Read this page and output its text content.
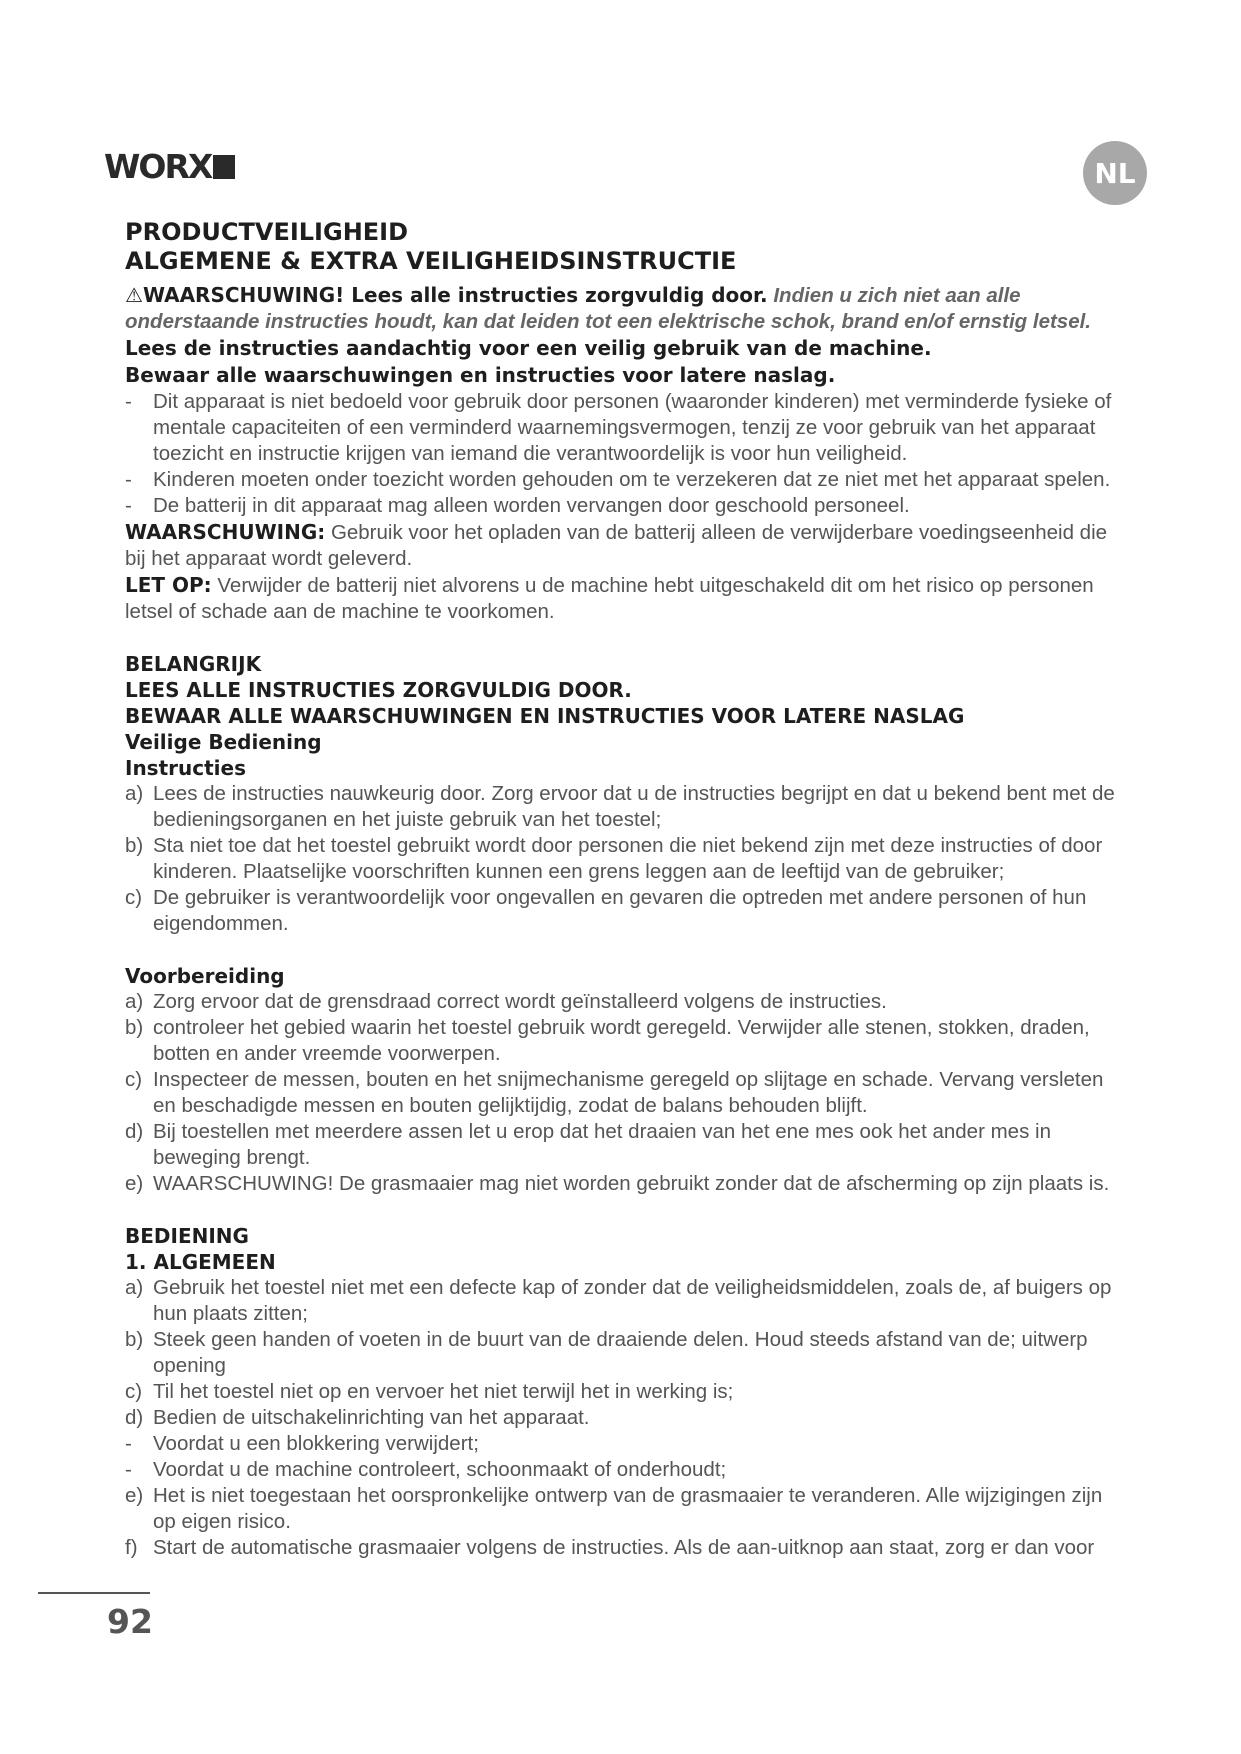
WORX	NL
PRODUCTVEILIGHEID
ALGEMENE & EXTRA VEILIGHEIDSINSTRUCTIE

⚠WAARSCHUWING! Lees alle instructies zorgvuldig door. Indien u zich niet aan alle onderstaande instructies houdt, kan dat leiden tot een elektrische schok, brand en/of ernstig letsel. Lees de instructies aandachtig voor een veilig gebruik van de machine.

Bewaar alle waarschuwingen en instructies voor latere naslag.

- Dit apparaat is niet bedoeld voor gebruik door personen (waaronder kinderen) met verminderde fysieke of mentale capaciteiten of een verminderd waarnemingsvermogen, tenzij ze voor gebruik van het apparaat toezicht en instructie krijgen van iemand die verantwoordelijk is voor hun veiligheid.

- Kinderen moeten onder toezicht worden gehouden om te verzekeren dat ze niet met het apparaat spelen.

- De batterij in dit apparaat mag alleen worden vervangen door geschoold personeel.

WAARSCHUWING: Gebruik voor het opladen van de batterij alleen de verwijderbare voedingseenheid die bij het apparaat wordt geleverd.

LET OP: Verwijder de batterij niet alvorens u de machine hebt uitgeschakeld dit om het risico op personen letsel of schade aan de machine te voorkomen.

BELANGRIJK
LEES ALLE INSTRUCTIES ZORGVULDIG DOOR.
BEWAAR ALLE WAARSCHUWINGEN EN INSTRUCTIES VOOR LATERE NASLAG
Veilige Bediening
Instructies

a) Lees de instructies nauwkeurig door. Zorg ervoor dat u de instructies begrijpt en dat u bekend bent met de bedieningsorganen en het juiste gebruik van het toestel;

b) Sta niet toe dat het toestel gebruikt wordt door personen die niet bekend zijn met deze instructies of door kinderen. Plaatselijke voorschriften kunnen een grens leggen aan de leeftijd van de gebruiker;

c) De gebruiker is verantwoordelijk voor ongevallen en gevaren die optreden met andere personen of hun eigendommen.

Voorbereiding

a) Zorg ervoor dat de grensdraad correct wordt geïnstalleerd volgens de instructies.

b) controleer het gebied waarin het toestel gebruik wordt geregeld. Verwijder alle stenen, stokken, draden, botten en ander vreemde voorwerpen.

c) Inspecteer de messen, bouten en het snijmechanisme geregeld op slijtage en schade. Vervang versleten en beschadigde messen en bouten gelijktijdig, zodat de balans behouden blijft.

d) Bij toestellen met meerdere assen let u erop dat het draaien van het ene mes ook het ander mes in beweging brengt.

e) WAARSCHUWING! De grasmaaier mag niet worden gebruikt zonder dat de afscherming op zijn plaats is.

BEDIENING
1. ALGEMEEN

a) Gebruik het toestel niet met een defecte kap of zonder dat de veiligheidsmiddelen, zoals de, af buigers op hun plaats zitten;

b) Steek geen handen of voeten in de buurt van de draaiende delen. Houd steeds afstand van de; uitwerp opening

c) Til het toestel niet op en vervoer het niet terwijl het in werking is;

d) Bedien de uitschakelinrichting van het apparaat.

- Voordat u een blokkering verwijdert;

- Voordat u de machine controleert, schoonmaakt of onderhoudt;

e) Het is niet toegestaan het oorspronkelijke ontwerp van de grasmaaier te veranderen. Alle wijzigingen zijn op eigen risico.

f) Start de automatische grasmaaier volgens de instructies. Als de aan-uitknop aan staat, zorg er dan voor

92
